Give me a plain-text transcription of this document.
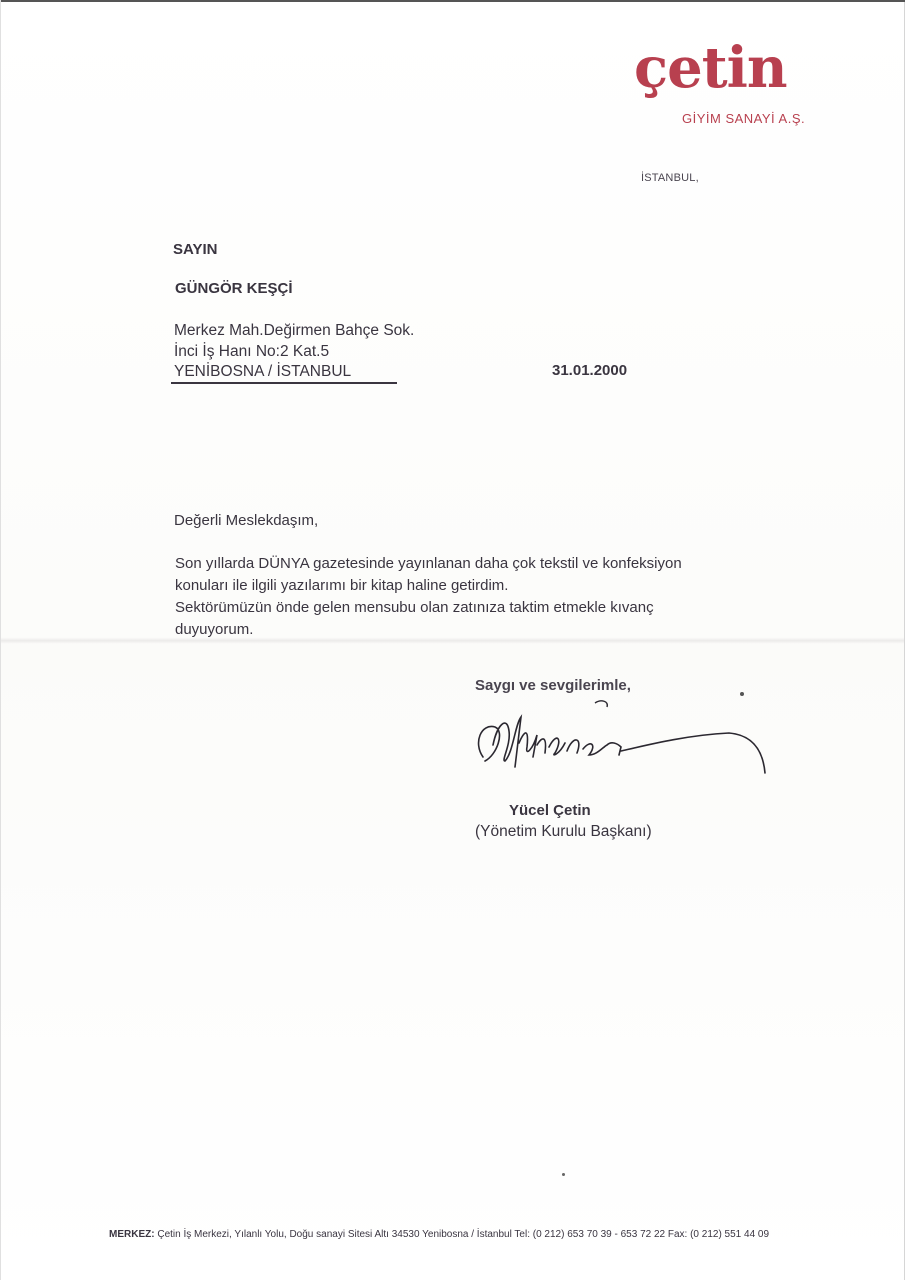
çetin
GİYİM SANAYİ A.Ş.
İSTANBUL,
SAYIN
GÜNGÖR KEŞÇİ
Merkez Mah.Değirmen Bahçe Sok.
İnci İş Hanı No:2 Kat.5
YENİBOSNA / İSTANBUL	31.01.2000
Değerli Meslekdaşım,
Son yıllarda DÜNYA gazetesinde yayınlanan daha çok tekstil ve konfeksiyon
konuları ile ilgili yazılarımı bir kitap haline getirdim.
Sektörümüzün önde gelen mensubu olan zatınıza taktim etmekle kıvanç
duyuyorum.
Saygı ve sevgilerimle,
Yücel Çetin
(Yönetim Kurulu Başkanı)
MERKEZ: Çetin İş Merkezi, Yılanlı Yolu, Doğu sanayi Sitesi Altı 34530 Yenibosna / İstanbul Tel: (0 212) 653 70 39 - 653 72 22 Fax: (0 212) 551 44 09
